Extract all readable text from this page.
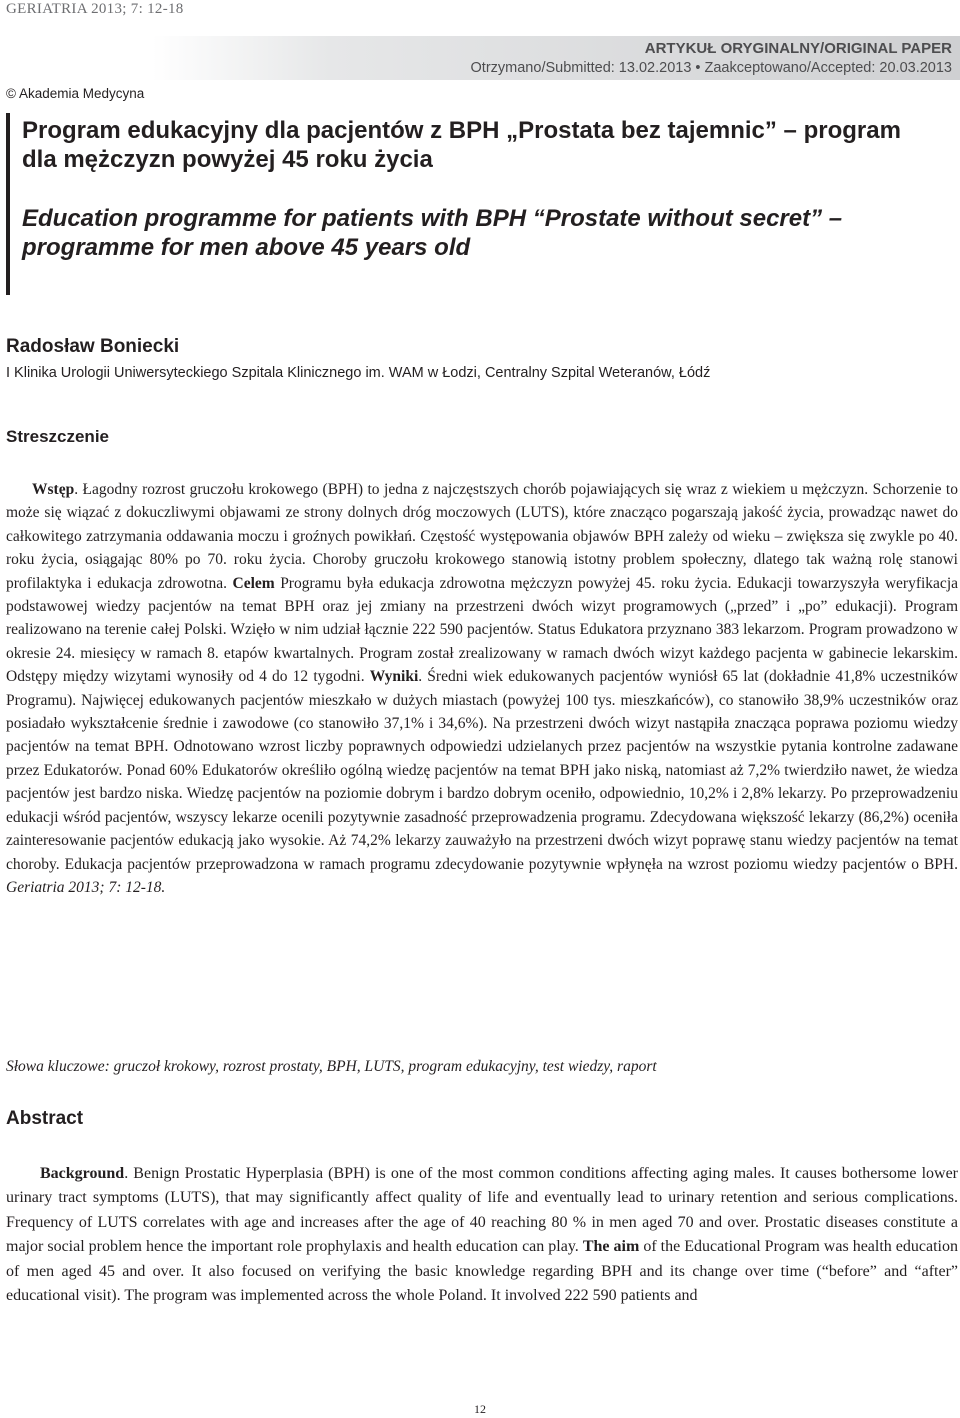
GERIATRIA 2013; 7: 12-18
ARTYKUŁ ORYGINALNY/ORIGINAL PAPER
Otrzymano/Submitted: 13.02.2013 • Zaakceptowano/Accepted: 20.03.2013
© Akademia Medycyna
Program edukacyjny dla pacjentów z BPH „Prostata bez tajemnic” – program dla mężczyzn powyżej 45 roku życia
Education programme for patients with BPH “Prostate without secret” – programme for men above 45 years old
Radosław Boniecki
I Klinika Urologii Uniwersyteckiego Szpitala Klinicznego im. WAM w Łodzi, Centralny Szpital Weteranów, Łódź
Streszczenie

Wstęp. Łagodny rozrost gruczołu krokowego (BPH) to jedna z najczęstszych chorób pojawiających się wraz z wiekiem u mężczyzn. Schorzenie to może się wiązać z dokuczliwymi objawami ze strony dolnych dróg moczowych (LUTS), które znacząco pogarszają jakość życia, prowadząc nawet do całkowitego zatrzymania oddawania moczu i groźnych powikłań. Częstość występowania objawów BPH zależy od wieku – zwiększa się zwykle po 40. roku życia, osiągając 80% po 70. roku życia. Choroby gruczołu krokowego stanowią istotny problem społeczny, dlatego tak ważną rolę stanowi profilaktyka i edukacja zdrowotna. Celem Programu była edukacja zdrowotna mężczyzn powyżej 45. roku życia. Edukacji towarzyszyła weryfikacja podstawowej wiedzy pacjentów na temat BPH oraz jej zmiany na przestrzeni dwóch wizyt programowych („przed” i „po” edukacji). Program realizowano na terenie całej Polski. Wzięło w nim udział łącznie 222 590 pacjentów. Status Edukatora przyznano 383 lekarzom. Program prowadzono w okresie 24. miesięcy w ramach 8. etapów kwartalnych. Program został zrealizowany w ramach dwóch wizyt każdego pacjenta w gabinecie lekarskim. Odstępy między wizytami wynosiły od 4 do 12 tygodni. Wyniki. Średni wiek edukowanych pacjentów wyniósł 65 lat (dokładnie 41,8% uczestników Programu). Najwięcej edukowanych pacjentów mieszkało w dużych miastach (powyżej 100 tys. mieszkańców), co stanowiło 38,9% uczestników oraz posiadało wykształcenie średnie i zawodowe (co stanowiło 37,1% i 34,6%). Na przestrzeni dwóch wizyt nastąpiła znacząca poprawa poziomu wiedzy pacjentów na temat BPH. Odnotowano wzrost liczby poprawnych odpowiedzi udzielanych przez pacjentów na wszystkie pytania kontrolne zadawane przez Edukatorów. Ponad 60% Edukatorów określiło ogólną wiedzę pacjentów na temat BPH jako niską, natomiast aż 7,2% twierdziło nawet, że wiedza pacjentów jest bardzo niska. Wiedzę pacjentów na poziomie dobrym i bardzo dobrym oceniło, odpowiednio, 10,2% i 2,8% lekarzy. Po przeprowadzeniu edukacji wśród pacjentów, wszyscy lekarze ocenili pozytywnie zasadność przeprowadzenia programu. Zdecydowana większość lekarzy (86,2%) oceniła zainteresowanie pacjentów edukacją jako wysokie. Aż 74,2% lekarzy zauważyło na przestrzeni dwóch wizyt poprawę stanu wiedzy pacjentów na temat choroby. Edukacja pacjentów przeprowadzona w ramach programu zdecydowanie pozytywnie wpłynęła na wzrost poziomu wiedzy pacjentów o BPH. Geriatria 2013; 7: 12-18.

Słowa kluczowe: gruczoł krokowy, rozrost prostaty, BPH, LUTS, program edukacyjny, test wiedzy, raport

Abstract

Background. Benign Prostatic Hyperplasia (BPH) is one of the most common conditions affecting aging males. It causes bothersome lower urinary tract symptoms (LUTS), that may significantly affect quality of life and eventually lead to urinary retention and serious complications. Frequency of LUTS correlates with age and increases after the age of 40 reaching 80 % in men aged 70 and over. Prostatic diseases constitute a major social problem hence the important role prophylaxis and health education can play. The aim of the Educational Program was health education of men aged 45 and over. It also focused on verifying the basic knowledge regarding BPH and its change over time (“before” and “after” educational visit). The program was implemented across the whole Poland. It involved 222 590 patients and

12
